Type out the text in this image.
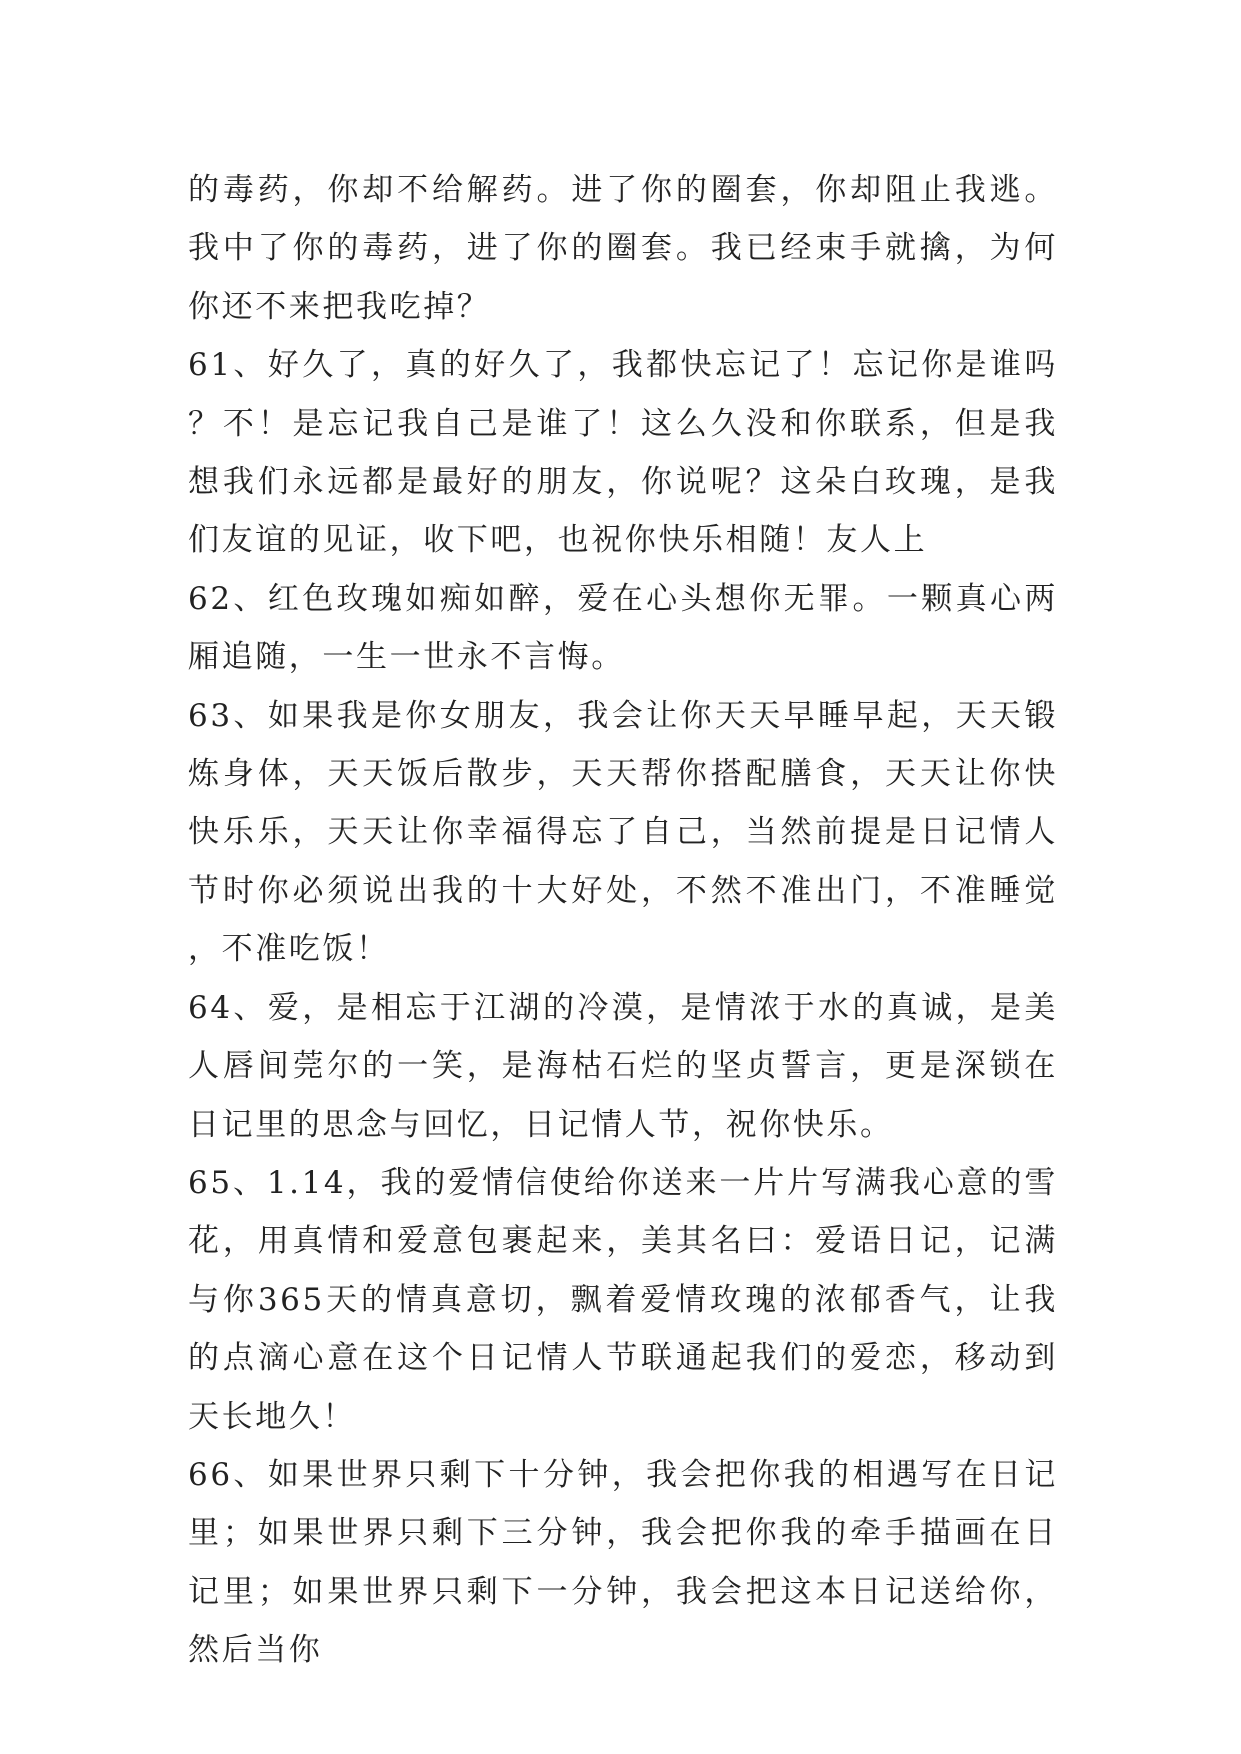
的毒药，你却不给解药。进了你的圈套，你却阻止我逃。我中了你的毒药，进了你的圈套。我已经束手就擒，为何你还不来把我吃掉？

61、好久了，真的好久了，我都快忘记了！忘记你是谁吗？不！是忘记我自己是谁了！这么久没和你联系，但是我想我们永远都是最好的朋友，你说呢？这朵白玫瑰，是我们友谊的见证，收下吧，也祝你快乐相随！友人上

62、红色玫瑰如痴如醉，爱在心头想你无罪。一颗真心两厢追随，一生一世永不言悔。

63、如果我是你女朋友，我会让你天天早睡早起，天天锻炼身体，天天饭后散步，天天帮你搭配膳食，天天让你快快乐乐，天天让你幸福得忘了自己，当然前提是日记情人节时你必须说出我的十大好处，不然不准出门，不准睡觉，不准吃饭！

64、爱，是相忘于江湖的冷漠，是情浓于水的真诚，是美人唇间莞尔的一笑，是海枯石烂的坚贞誓言，更是深锁在日记里的思念与回忆，日记情人节，祝你快乐。

65、1.14，我的爱情信使给你送来一片片写满我心意的雪花，用真情和爱意包裹起来，美其名曰：爱语日记，记满与你365天的情真意切，飘着爱情玫瑰的浓郁香气，让我的点滴心意在这个日记情人节联通起我们的爱恋，移动到天长地久！

66、如果世界只剩下十分钟，我会把你我的相遇写在日记里；如果世界只剩下三分钟，我会把你我的牵手描画在日记里；如果世界只剩下一分钟，我会把这本日记送给你，然后当你
